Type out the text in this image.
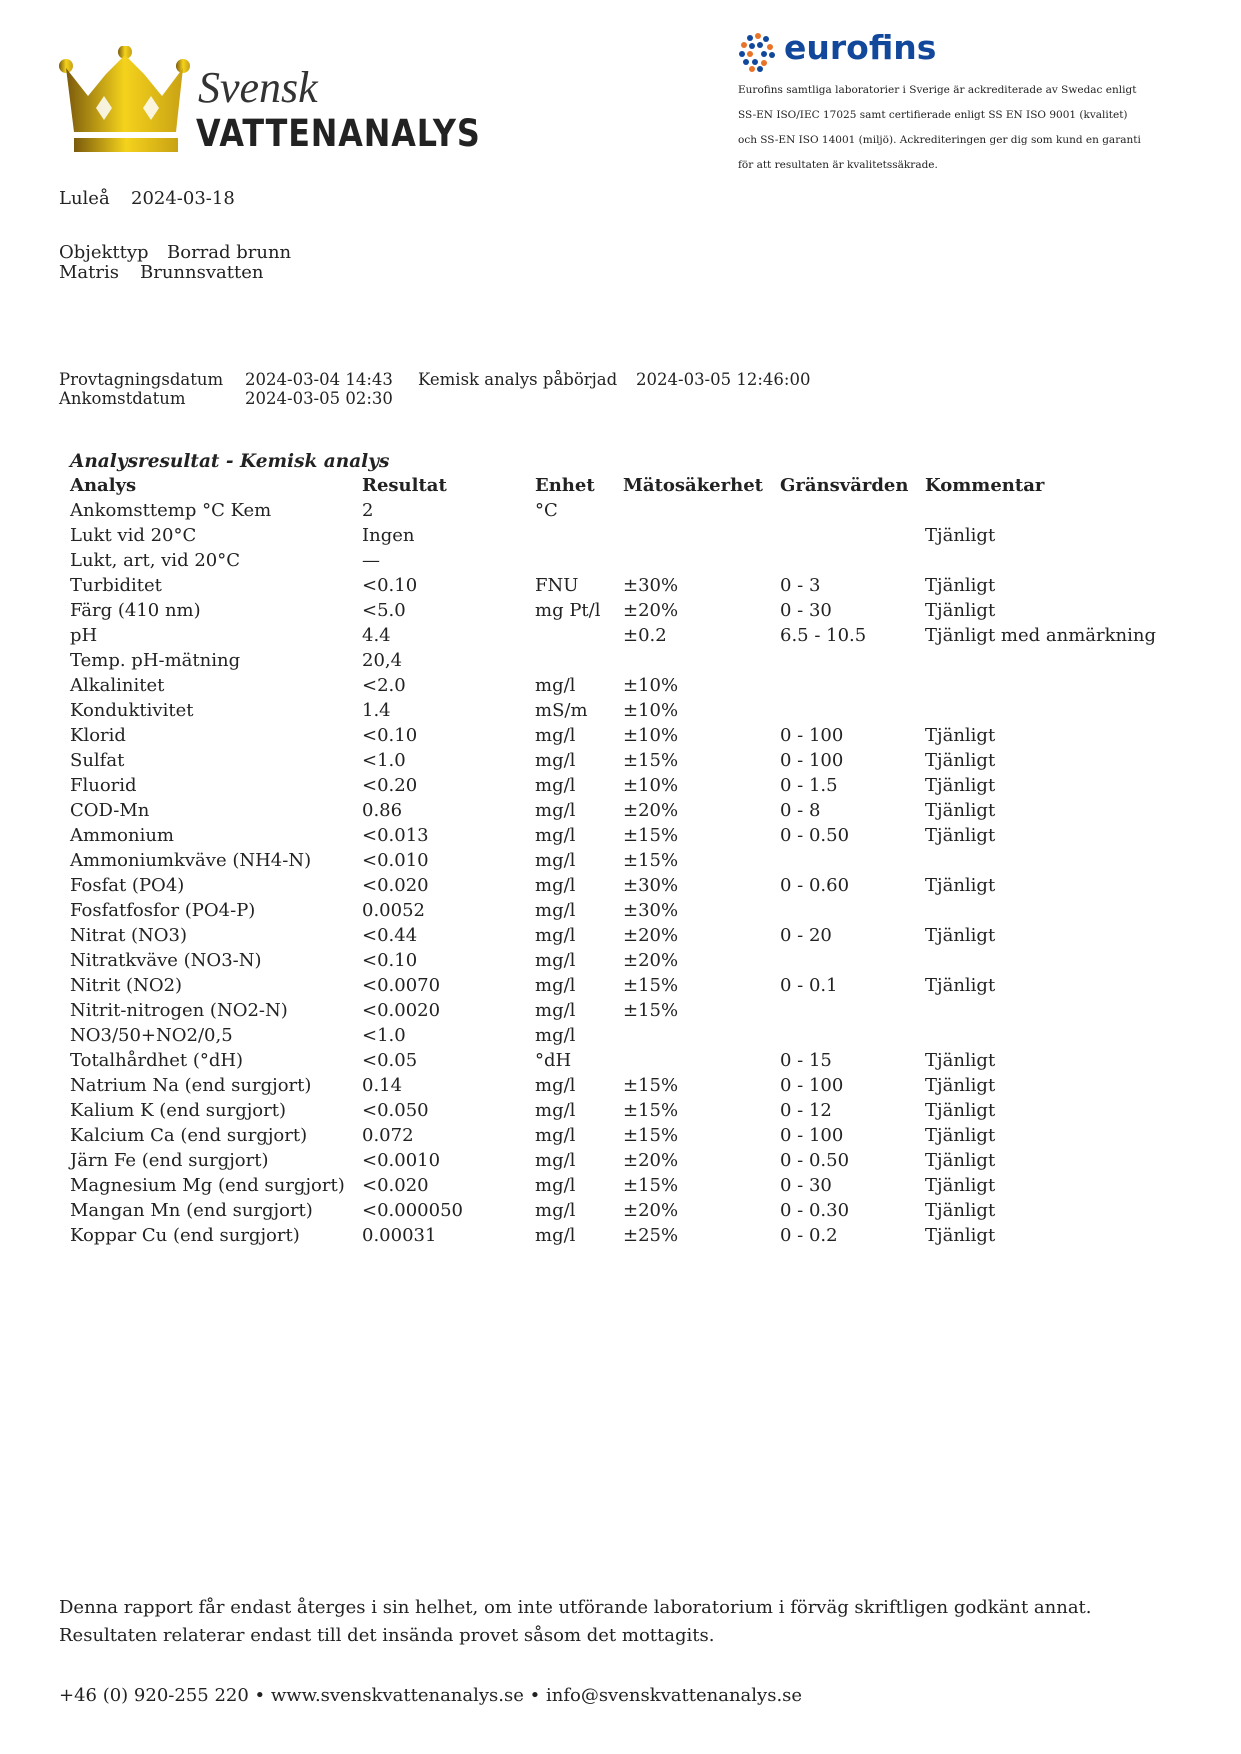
Svensk
VATTENANALYS
eurofins
Eurofins samtliga laboratorier i Sverige är ackrediterade av Swedac enligt
SS-EN ISO/IEC 17025 samt certifierade enligt SS EN ISO 9001 (kvalitet)
och SS-EN ISO 14001 (miljö). Ackrediteringen ger dig som kund en garanti
för att resultaten är kvalitetssäkrade.
Luleå 2024-03-18
Objekttyp Borrad brunn
Matris Brunnsvatten
Provtagningsdatum 2024-03-04 14:43 Kemisk analys påbörjad 2024-03-05 12:46:00
Ankomstdatum	2024-03-05 02:30
Analysresultat - Kemisk analys
Analys	Resultat	Enhet	Mätosäkerhet	Gränsvärden	Kommentar
Ankomsttemp °C Kem	2	°C			
Lukt vid 20°C	Ingen				Tjänligt
Lukt, art, vid 20°C	—				
Turbiditet	<0.10	FNU	±30%	0 - 3	Tjänligt
Färg (410 nm)	<5.0	mg Pt/l	±20%	0 - 30	Tjänligt
pH	4.4		±0.2	6.5 - 10.5	Tjänligt med anmärkning
Temp. pH-mätning	20,4				
Alkalinitet	<2.0	mg/l	±10%		
Konduktivitet	1.4	mS/m	±10%		
Klorid	<0.10	mg/l	±10%	0 - 100	Tjänligt
Sulfat	<1.0	mg/l	±15%	0 - 100	Tjänligt
Fluorid	<0.20	mg/l	±10%	0 - 1.5	Tjänligt
COD-Mn	0.86	mg/l	±20%	0 - 8	Tjänligt
Ammonium	<0.013	mg/l	±15%	0 - 0.50	Tjänligt
Ammoniumkväve (NH4-N)	<0.010	mg/l	±15%		
Fosfat (PO4)	<0.020	mg/l	±30%	0 - 0.60	Tjänligt
Fosfatfosfor (PO4-P)	0.0052	mg/l	±30%		
Nitrat (NO3)	<0.44	mg/l	±20%	0 - 20	Tjänligt
Nitratkväve (NO3-N)	<0.10	mg/l	±20%		
Nitrit (NO2)	<0.0070	mg/l	±15%	0 - 0.1	Tjänligt
Nitrit-nitrogen (NO2-N)	<0.0020	mg/l	±15%		
NO3/50+NO2/0,5	<1.0	mg/l			
Totalhårdhet (°dH)	<0.05	°dH		0 - 15	Tjänligt
Natrium Na (end surgjort)	0.14	mg/l	±15%	0 - 100	Tjänligt
Kalium K (end surgjort)	<0.050	mg/l	±15%	0 - 12	Tjänligt
Kalcium Ca (end surgjort)	0.072	mg/l	±15%	0 - 100	Tjänligt
Järn Fe (end surgjort)	<0.0010	mg/l	±20%	0 - 0.50	Tjänligt
Magnesium Mg (end surgjort)	<0.020	mg/l	±15%	0 - 30	Tjänligt
Mangan Mn (end surgjort)	<0.000050	mg/l	±20%	0 - 0.30	Tjänligt
Koppar Cu (end surgjort)	0.00031	mg/l	±25%	0 - 0.2	Tjänligt
Denna rapport får endast återges i sin helhet, om inte utförande laboratorium i förväg skriftligen godkänt annat.
Resultaten relaterar endast till det insända provet såsom det mottagits.
+46 (0) 920-255 220 • www.svenskvattenanalys.se • info@svenskvattenanalys.se
